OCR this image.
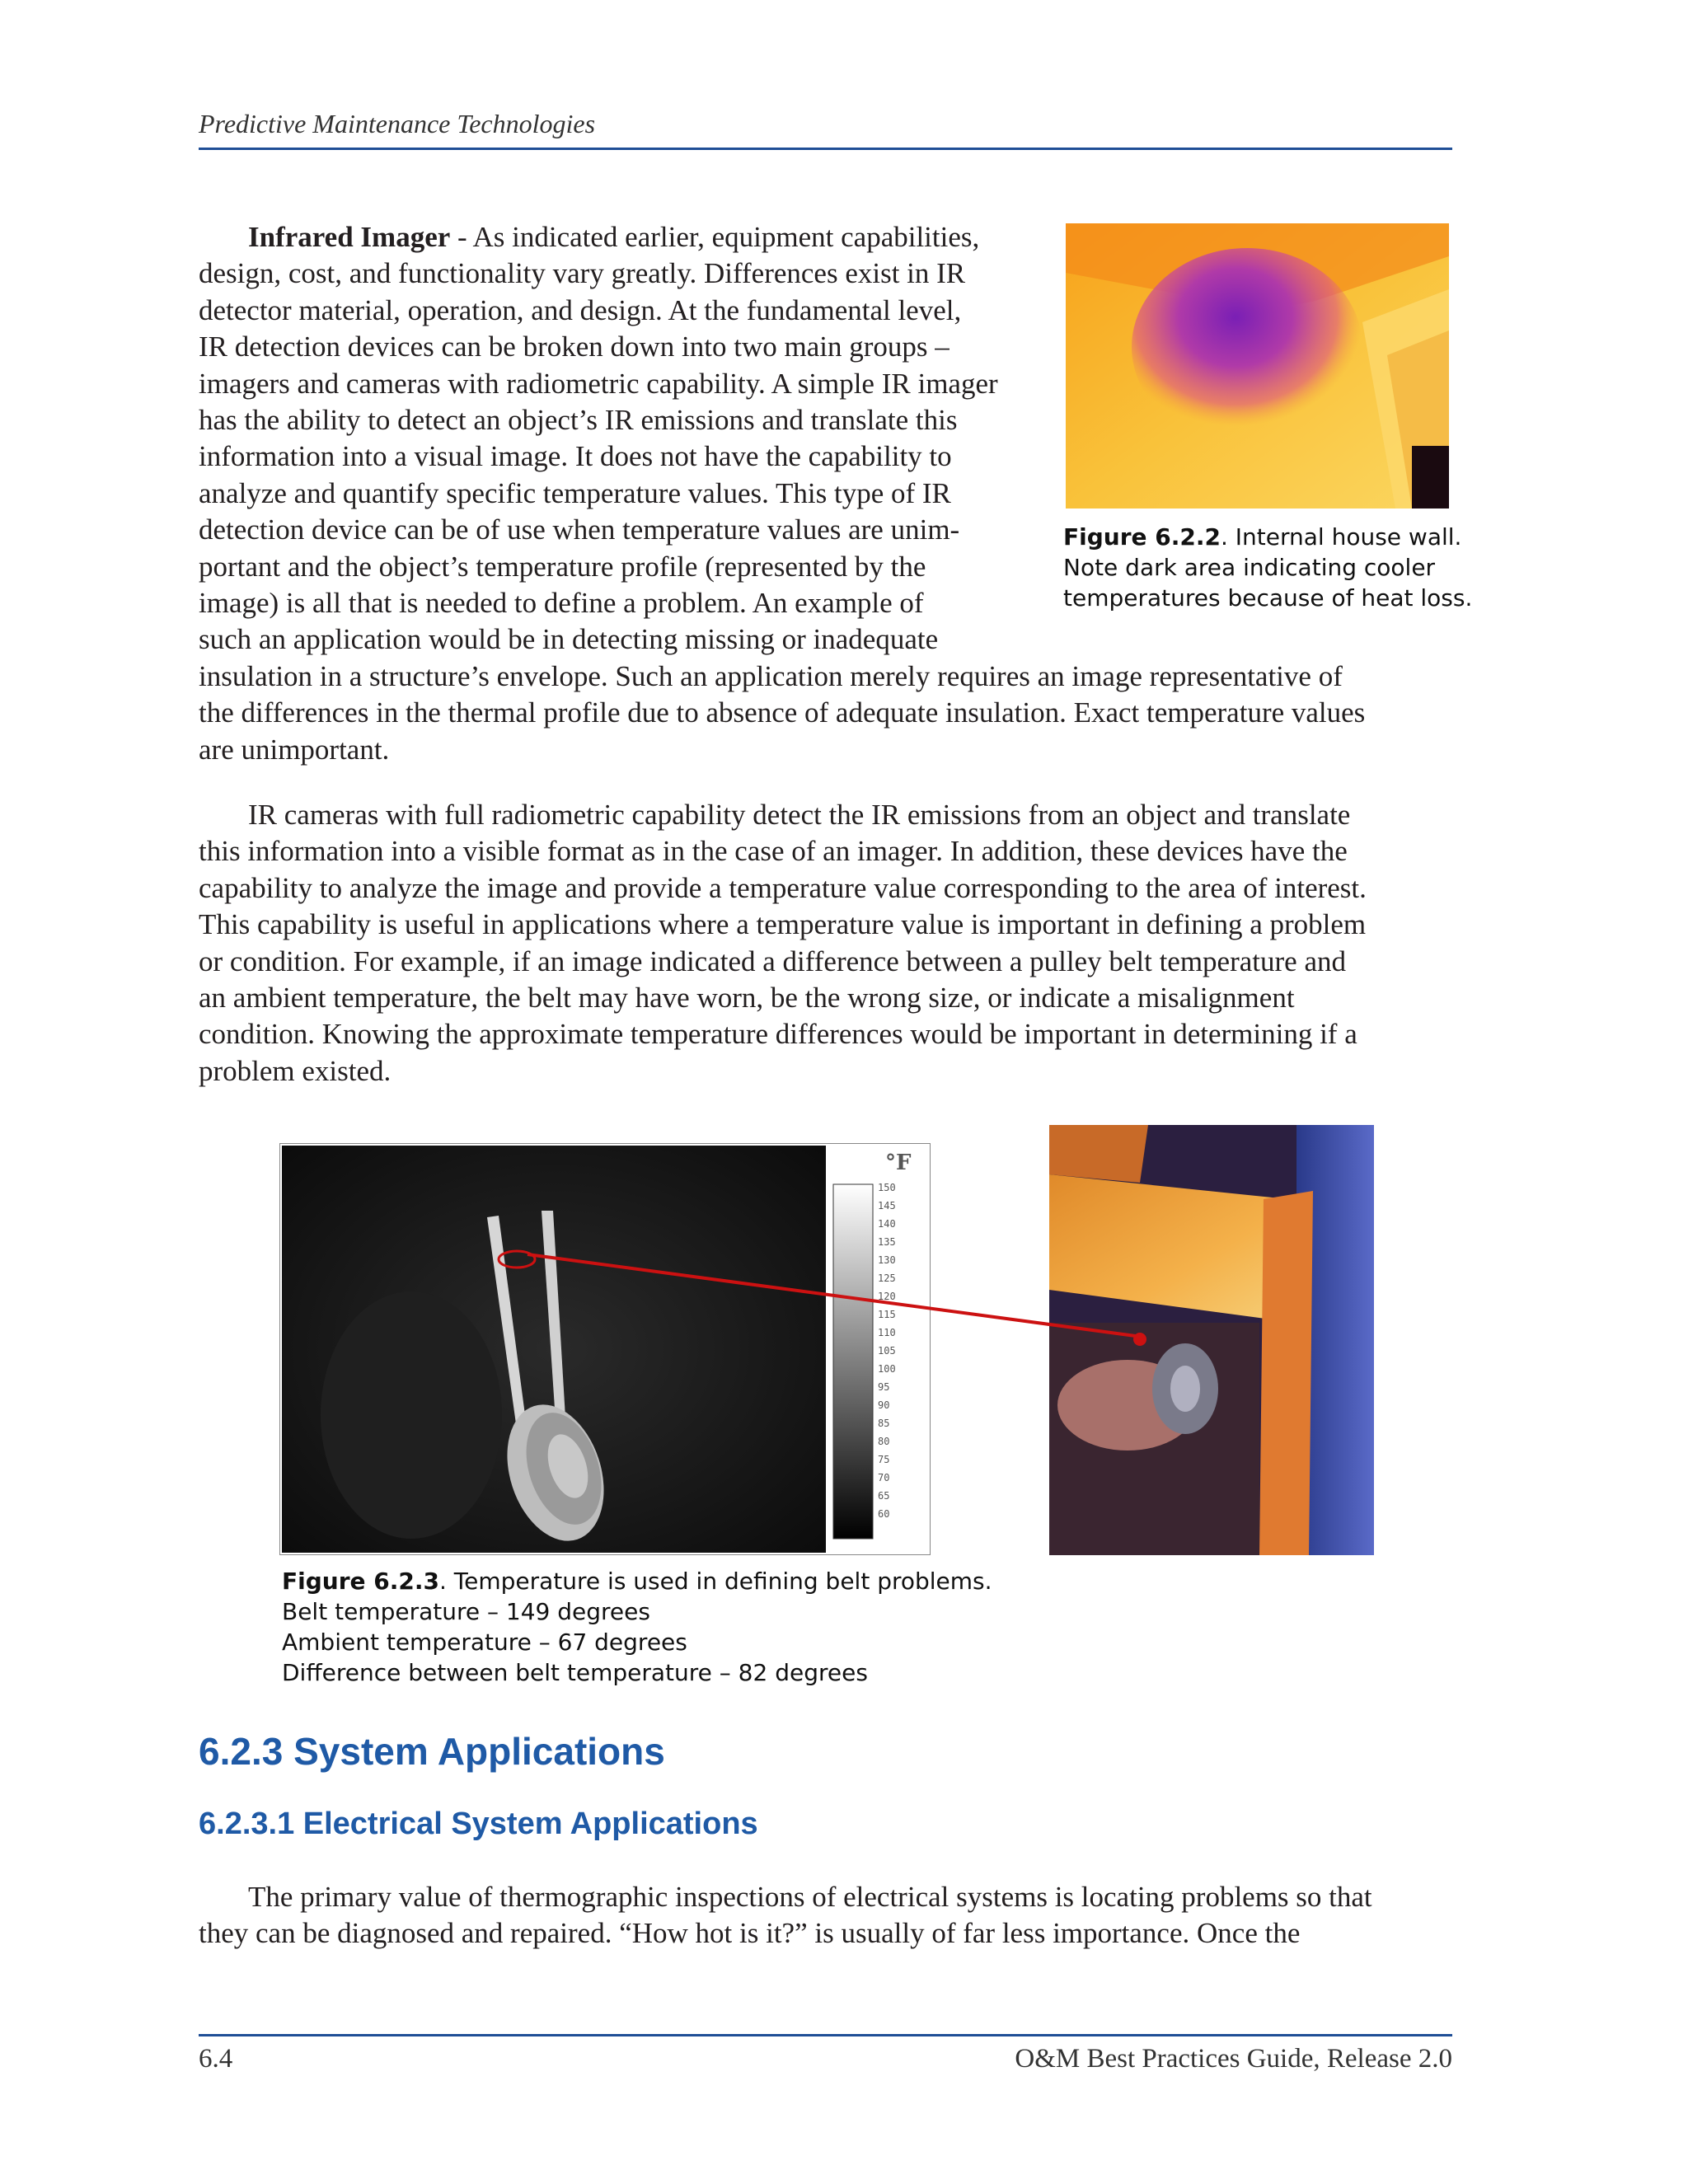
Predictive Maintenance Technologies
Infrared Imager - As indicated earlier, equipment capabilities,
design, cost, and functionality vary greatly. Differences exist in IR
detector material, operation, and design. At the fundamental level,
IR detection devices can be broken down into two main groups –
imagers and cameras with radiometric capability. A simple IR imager
has the ability to detect an object’s IR emissions and translate this
information into a visual image. It does not have the capability to
analyze and quantify specific temperature values. This type of IR
detection device can be of use when temperature values are unim-
portant and the object’s temperature profile (represented by the
image) is all that is needed to define a problem. An example of
such an application would be in detecting missing or inadequate
insulation in a structure’s envelope. Such an application merely requires an image representative of
the differences in the thermal profile due to absence of adequate insulation. Exact temperature values
are unimportant.
Figure 6.2.2. Internal house wall.
Note dark area indicating cooler
temperatures because of heat loss.
IR cameras with full radiometric capability detect the IR emissions from an object and translate
this information into a visible format as in the case of an imager. In addition, these devices have the
capability to analyze the image and provide a temperature value corresponding to the area of interest.
This capability is useful in applications where a temperature value is important in defining a problem
or condition. For example, if an image indicated a difference between a pulley belt temperature and
an ambient temperature, the belt may have worn, be the wrong size, or indicate a misalignment
condition. Knowing the approximate temperature differences would be important in determining if a
problem existed.
°F
150
145
140
135
130
125
120
115
110
105
100
95
90
85
80
75
70
65
60
Figure 6.2.3. Temperature is used in defining belt problems.
Belt temperature – 149 degrees
Ambient temperature – 67 degrees
Difference between belt temperature – 82 degrees
6.2.3 System Applications
6.2.3.1 Electrical System Applications
The primary value of thermographic inspections of electrical systems is locating problems so that
they can be diagnosed and repaired. “How hot is it?” is usually of far less importance. Once the
6.4	O&M Best Practices Guide, Release 2.0
